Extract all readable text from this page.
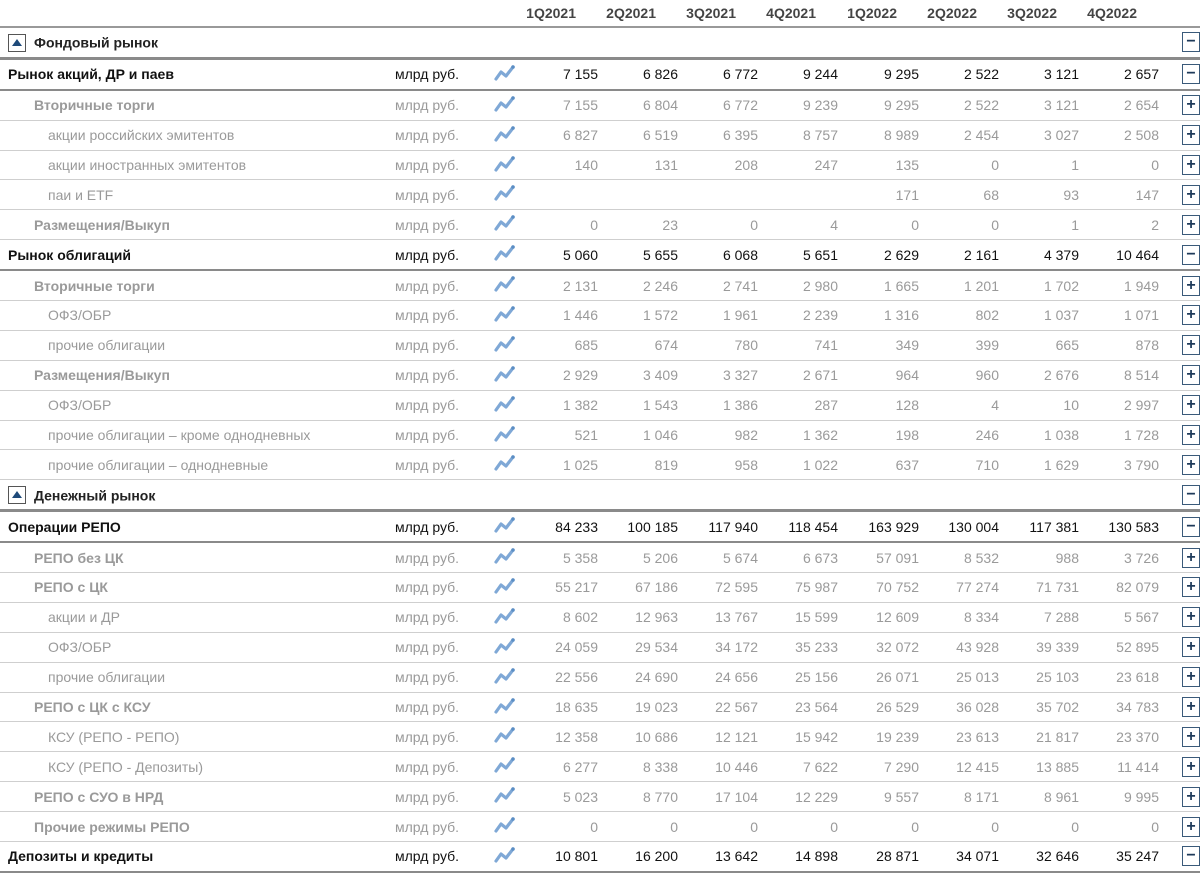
			1Q2021	2Q2021	3Q2021	4Q2021	1Q2022	2Q2022	3Q2022	4Q2022	
Фондовый рынок											−
Рынок акций, ДР и паев	млрд руб.		7 155	6 826	6 772	9 244	9 295	2 522	3 121	2 657	−
Вторичные торги	млрд руб.		7 155	6 804	6 772	9 239	9 295	2 522	3 121	2 654	+
акции российских эмитентов	млрд руб.		6 827	6 519	6 395	8 757	8 989	2 454	3 027	2 508	+
акции иностранных эмитентов	млрд руб.		140	131	208	247	135	0	1	0	+
паи и ETF	млрд руб.						171	68	93	147	+
Размещения/Выкуп	млрд руб.		0	23	0	4	0	0	1	2	+
Рынок облигаций	млрд руб.		5 060	5 655	6 068	5 651	2 629	2 161	4 379	10 464	−
Вторичные торги	млрд руб.		2 131	2 246	2 741	2 980	1 665	1 201	1 702	1 949	+
ОФЗ/ОБР	млрд руб.		1 446	1 572	1 961	2 239	1 316	802	1 037	1 071	+
прочие облигации	млрд руб.		685	674	780	741	349	399	665	878	+
Размещения/Выкуп	млрд руб.		2 929	3 409	3 327	2 671	964	960	2 676	8 514	+
ОФЗ/ОБР	млрд руб.		1 382	1 543	1 386	287	128	4	10	2 997	+
прочие облигации – кроме однодневных	млрд руб.		521	1 046	982	1 362	198	246	1 038	1 728	+
прочие облигации – однодневные	млрд руб.		1 025	819	958	1 022	637	710	1 629	3 790	+
Денежный рынок											−
Операции РЕПО	млрд руб.		84 233	100 185	117 940	118 454	163 929	130 004	117 381	130 583	−
РЕПО без ЦК	млрд руб.		5 358	5 206	5 674	6 673	57 091	8 532	988	3 726	+
РЕПО с ЦК	млрд руб.		55 217	67 186	72 595	75 987	70 752	77 274	71 731	82 079	+
акции и ДР	млрд руб.		8 602	12 963	13 767	15 599	12 609	8 334	7 288	5 567	+
ОФЗ/ОБР	млрд руб.		24 059	29 534	34 172	35 233	32 072	43 928	39 339	52 895	+
прочие облигации	млрд руб.		22 556	24 690	24 656	25 156	26 071	25 013	25 103	23 618	+
РЕПО с ЦК с КСУ	млрд руб.		18 635	19 023	22 567	23 564	26 529	36 028	35 702	34 783	+
КСУ (РЕПО - РЕПО)	млрд руб.		12 358	10 686	12 121	15 942	19 239	23 613	21 817	23 370	+
КСУ (РЕПО - Депозиты)	млрд руб.		6 277	8 338	10 446	7 622	7 290	12 415	13 885	11 414	+
РЕПО с СУО в НРД	млрд руб.		5 023	8 770	17 104	12 229	9 557	8 171	8 961	9 995	+
Прочие режимы РЕПО	млрд руб.		0	0	0	0	0	0	0	0	+
Депозиты и кредиты	млрд руб.		10 801	16 200	13 642	14 898	28 871	34 071	32 646	35 247	−
